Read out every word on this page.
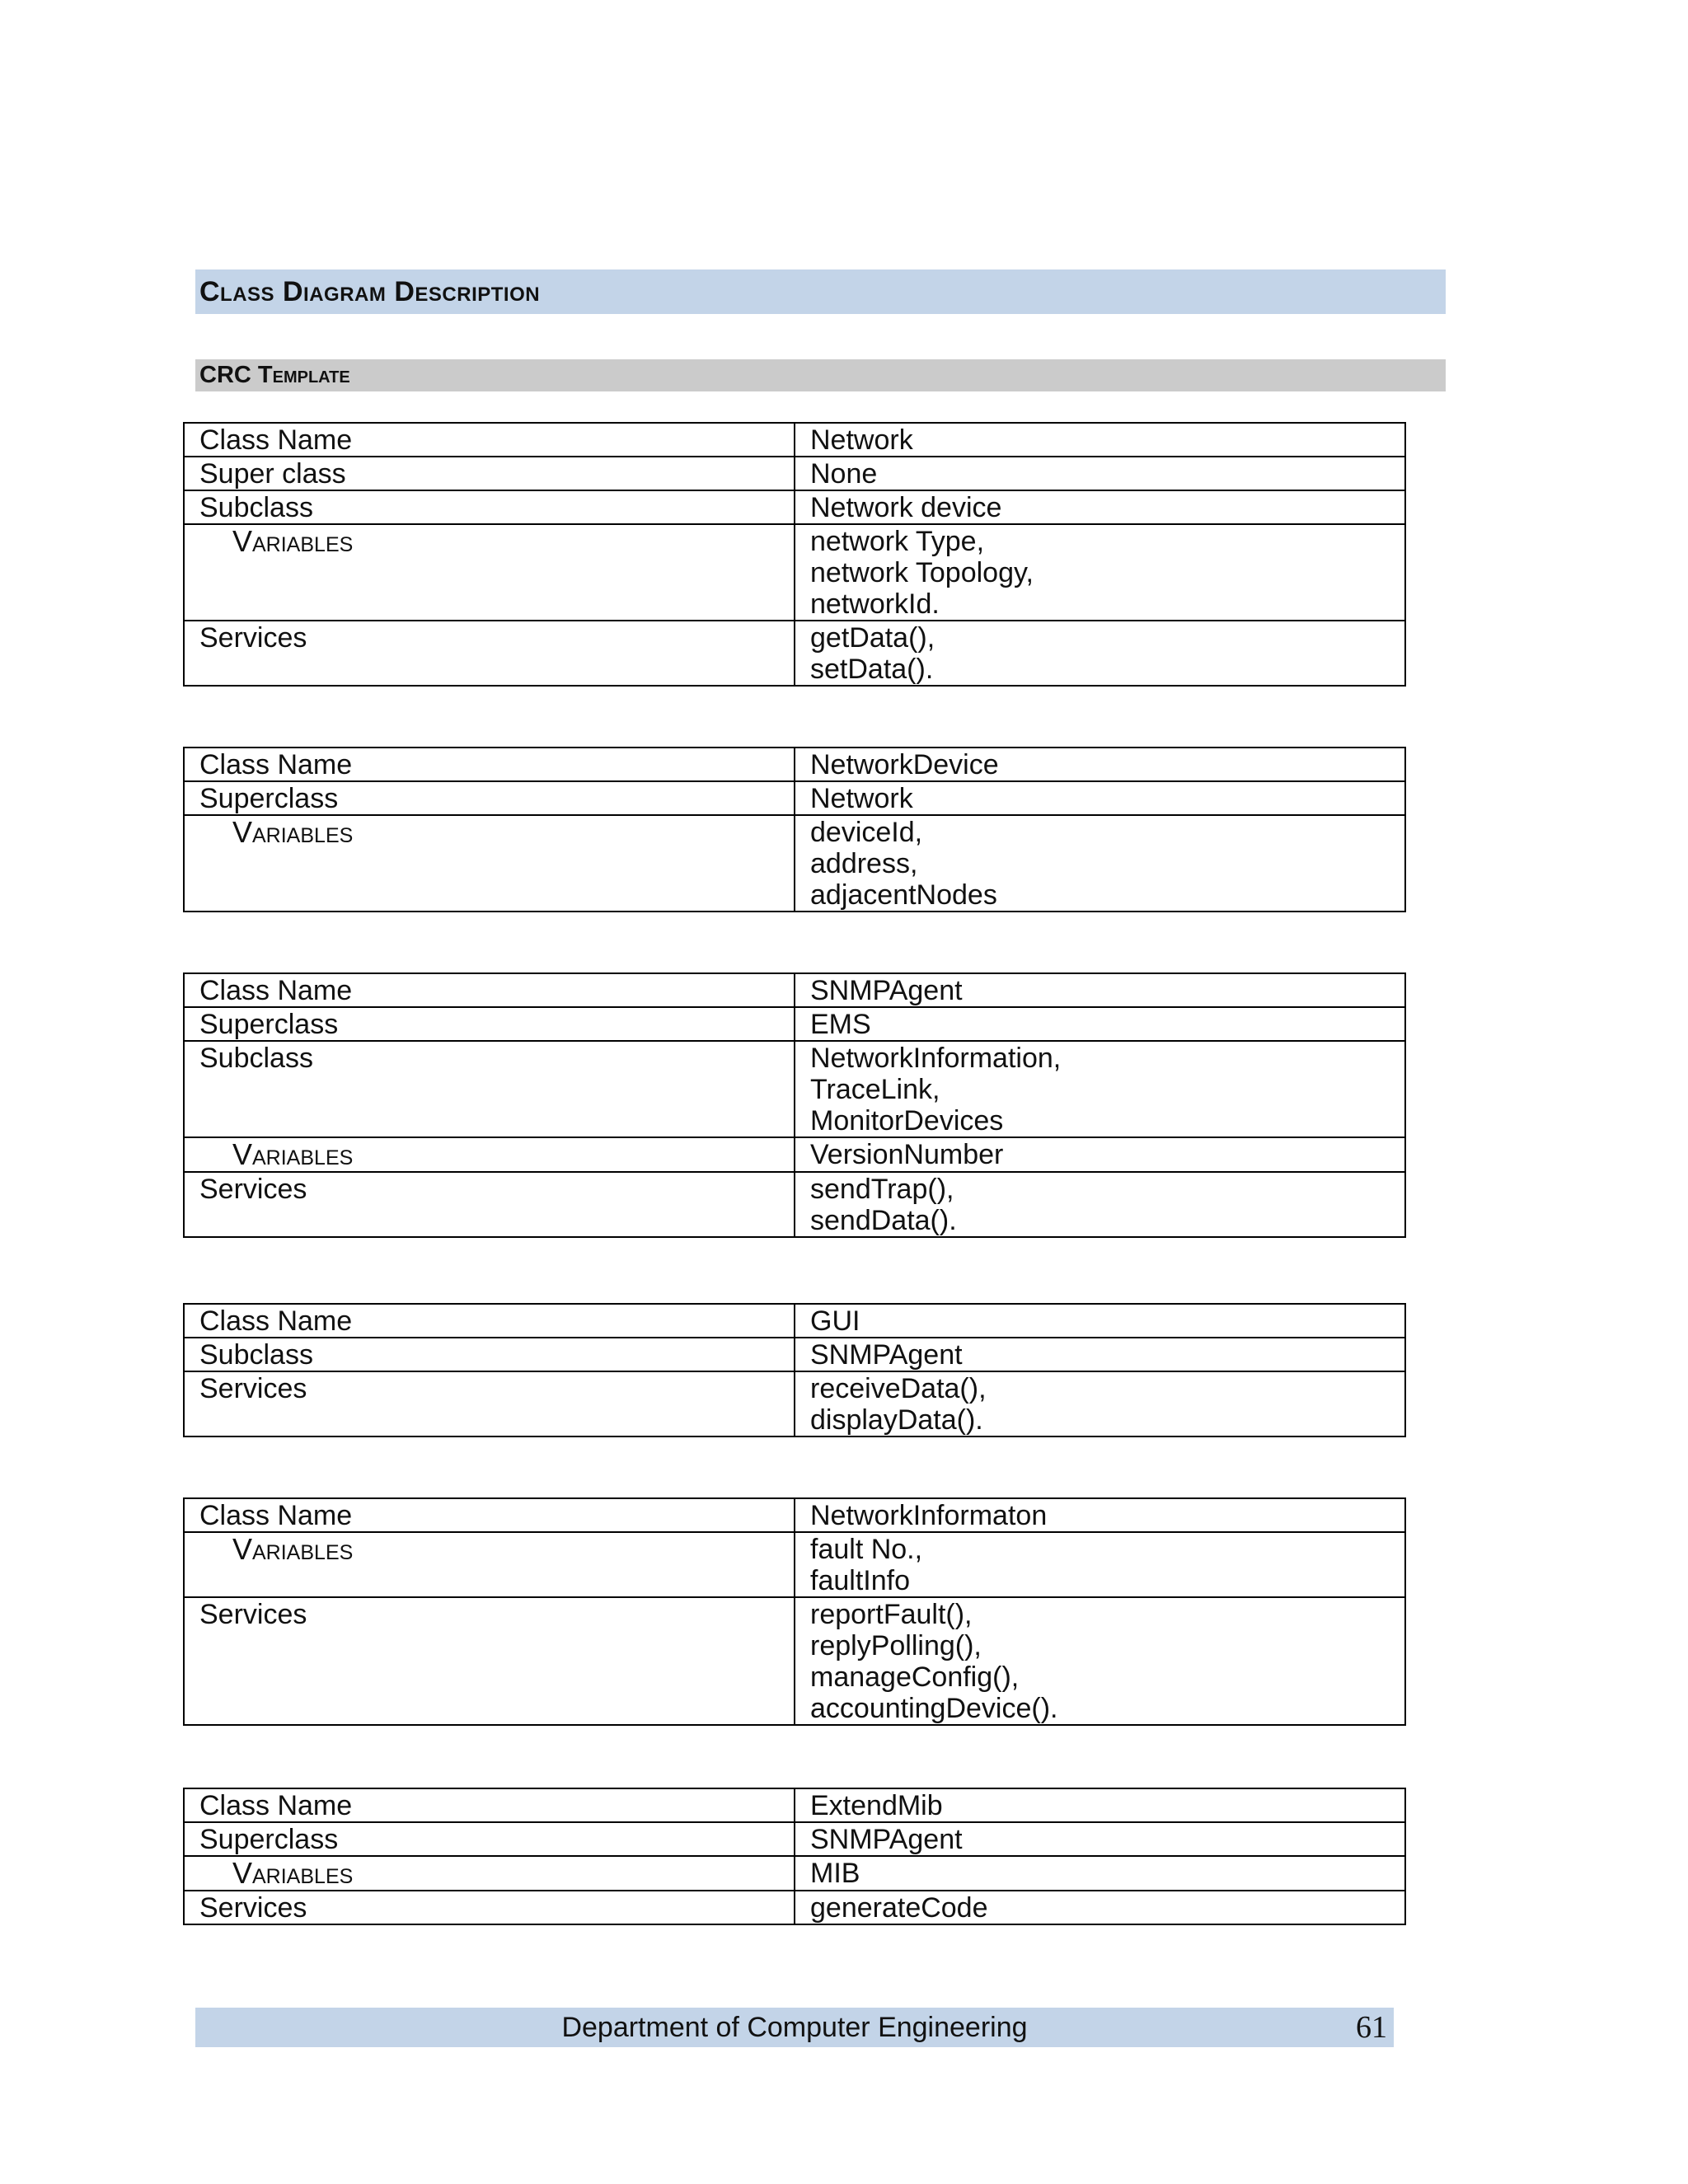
Class Diagram Description
CRC Template
Class Name	Network

Super class	None

Subclass	Network device

Variables	network Type,
network Topology,
networkId.

Services	getData(),
setData().
Class Name	NetworkDevice

Superclass	Network

Variables	deviceId,
address,
adjacentNodes
Class Name	SNMPAgent

Superclass	EMS

Subclass	NetworkInformation,
TraceLink,
MonitorDevices

Variables	VersionNumber

Services	sendTrap(),
sendData().
Class Name	GUI

Subclass	SNMPAgent

Services	receiveData(),
displayData().
Class Name	NetworkInformaton

Variables	fault No.,
faultInfo

Services	reportFault(),
replyPolling(),
manageConfig(),
accountingDevice().
Class Name	ExtendMib

Superclass	SNMPAgent

Variables	MIB

Services	generateCode
Department of Computer Engineering	61
